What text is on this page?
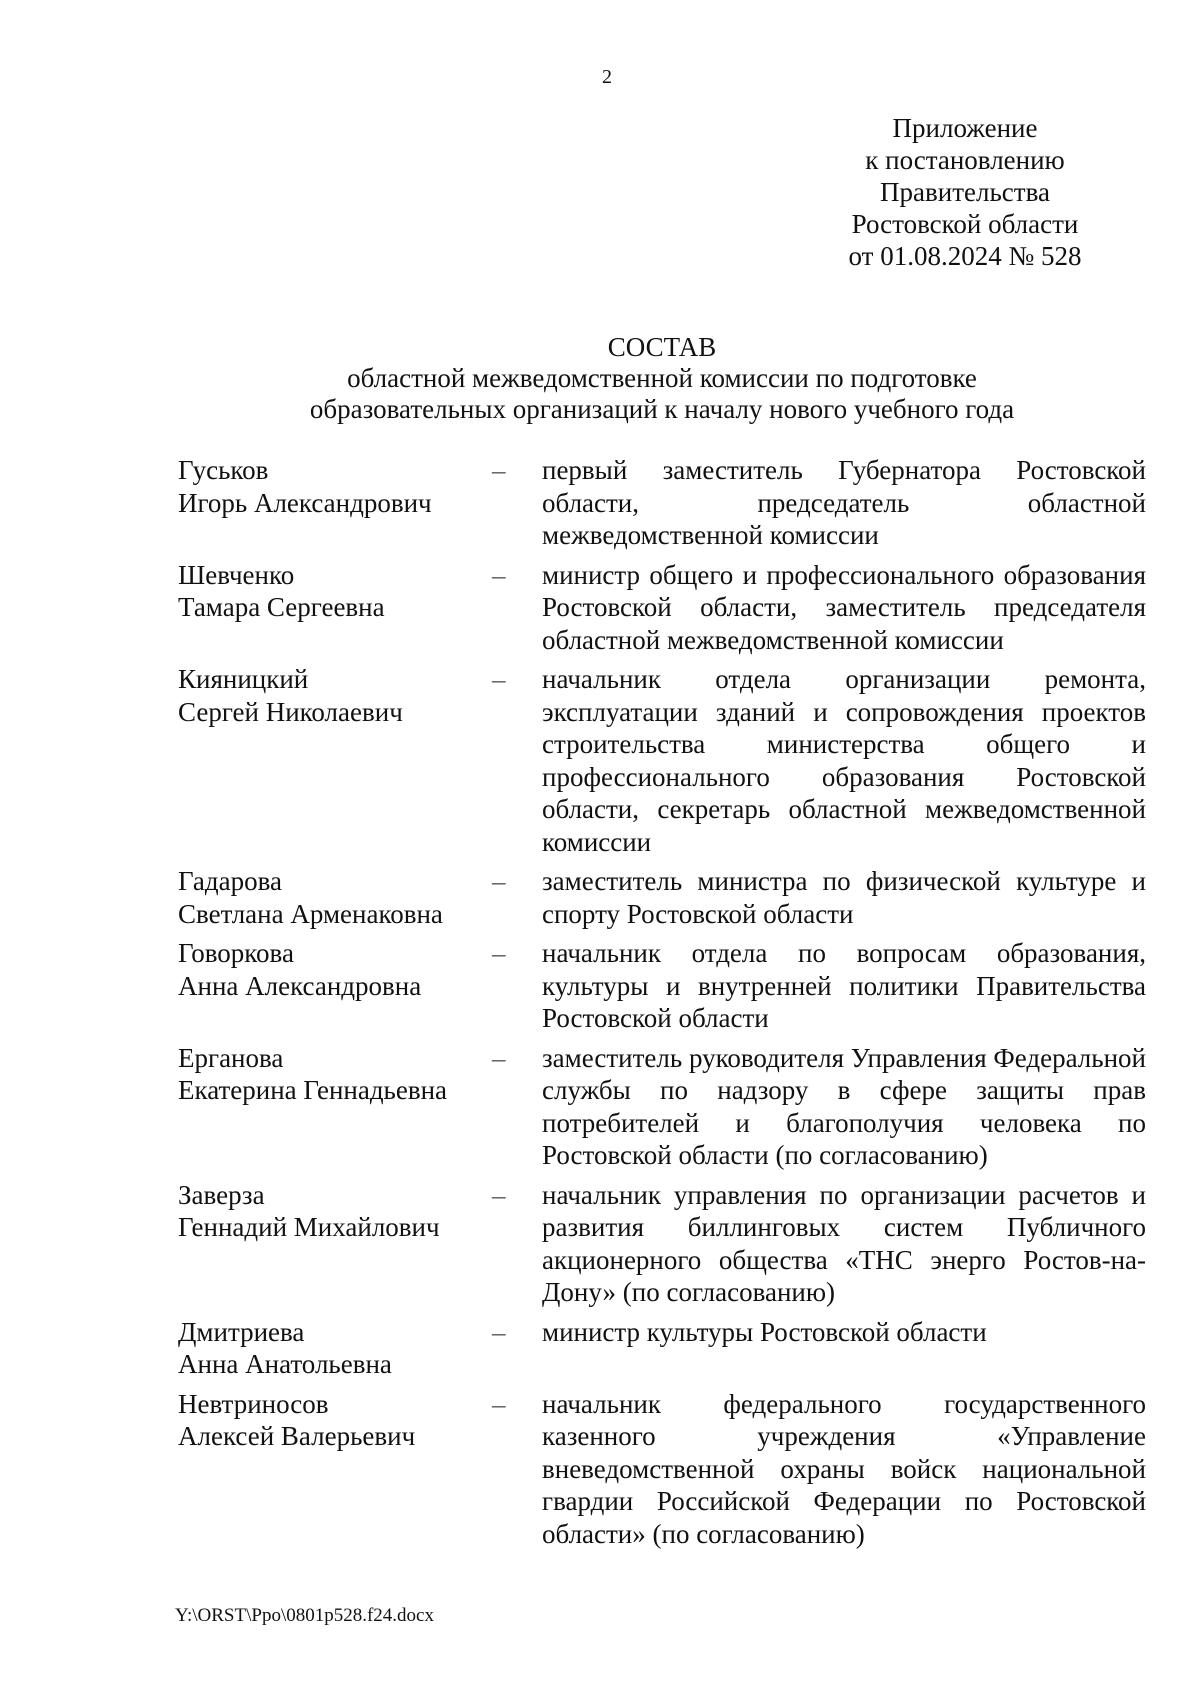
2
Приложение
к постановлению
Правительства
Ростовской области
от 01.08.2024 № 528
СОСТАВ
областной межведомственной комиссии по подготовке
образовательных организаций к началу нового учебного года
Гуськов
Игорь Александрович
–	первый заместитель Губернатора Ростовской области, председатель областной межведомственной комиссии
Шевченко
Тамара Сергеевна
–	министр общего и профессионального образования Ростовской области, заместитель председателя областной межведомственной комиссии
Кияницкий
Сергей Николаевич
–	начальник отдела организации ремонта, эксплуатации зданий и сопровождения проектов строительства министерства общего и профессионального образования Ростовской области, секретарь областной межведомственной комиссии
Гадарова
Светлана Арменаковна
–	заместитель министра по физической культуре и спорту Ростовской области
Говоркова
Анна Александровна
–	начальник отдела по вопросам образования, культуры и внутренней политики Правительства Ростовской области
Ерганова
Екатерина Геннадьевна
–	заместитель руководителя Управления Федеральной службы по надзору в сфере защиты прав потребителей и благополучия человека по Ростовской области (по согласованию)
Заверза
Геннадий Михайлович
–	начальник управления по организации расчетов и развития биллинговых систем Публичного акционерного общества «ТНС энерго Ростов-на-Дону» (по согласованию)
Дмитриева
Анна Анатольевна
–	министр культуры Ростовской области
Невтриносов
Алексей Валерьевич
–	начальник федерального государственного казенного учреждения «Управление вневедомственной охраны войск национальной гвардии Российской Федерации по Ростовской области» (по согласованию)
Y:\ORST\Ppo\0801p528.f24.docx
